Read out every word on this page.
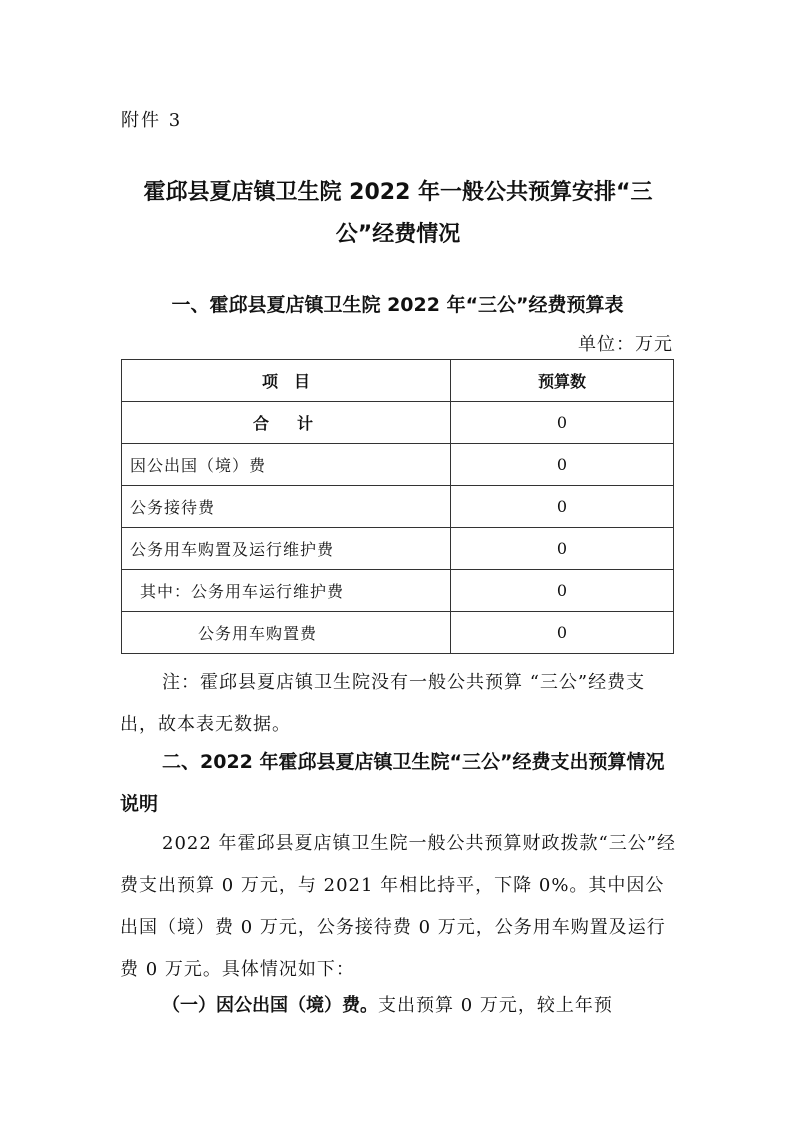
附件 3
霍邱县夏店镇卫生院 2022 年一般公共预算安排“三公”经费情况
一、霍邱县夏店镇卫生院 2022 年“三公”经费预算表
单位：万元
项　目	预算数
合　计	0
因公出国（境）费	0
公务接待费	0
公务用车购置及运行维护费	0
其中：公务用车运行维护费	0
公务用车购置费	0
注：霍邱县夏店镇卫生院没有一般公共预算 “三公”经费支出，故本表无数据。
二、2022 年霍邱县夏店镇卫生院“三公”经费支出预算情况说明
2022 年霍邱县夏店镇卫生院一般公共预算财政拨款“三公”经费支出预算 0 万元，与 2021 年相比持平，下降 0%。其中因公出国（境）费 0 万元，公务接待费 0 万元，公务用车购置及运行费 0 万元。具体情况如下：
（一）因公出国（境）费。支出预算 0 万元，较上年预
